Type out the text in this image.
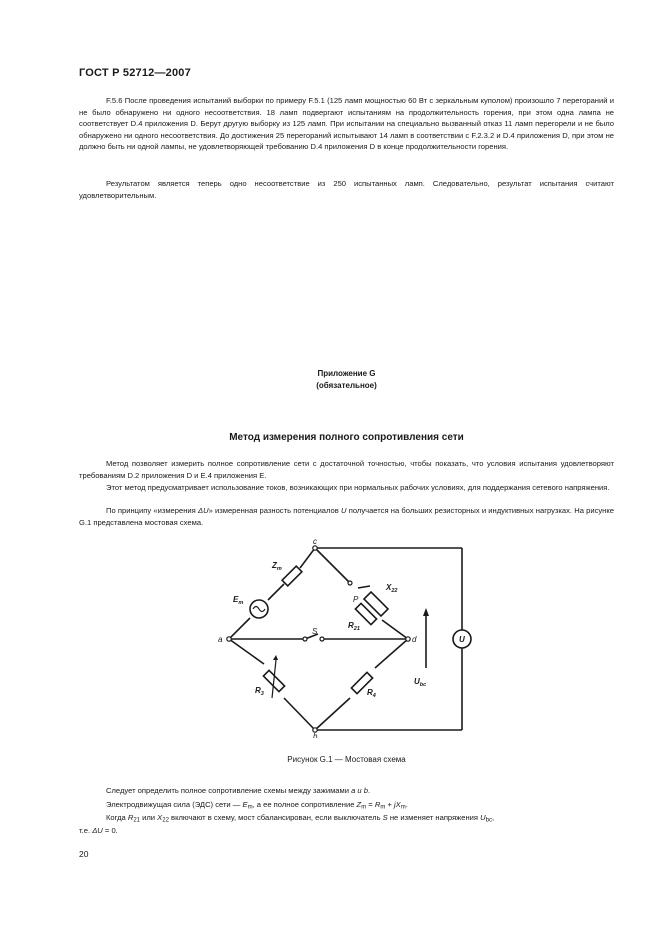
ГОСТ Р 52712—2007

F.5.6 После проведения испытаний выборки по примеру F.5.1 (125 ламп мощностью 60 Вт с зеркальным куполом) произошло 7 перегораний и не было обнаружено ни одного несоответствия. 18 ламп подвергают испытаниям на продолжительность горения, при этом одна лампа не соответствует D.4 приложения D. Берут другую выборку из 125 ламп. При испытании на специально вызванный отказ 11 ламп перегорели и не было обнаружено ни одного несоответствия. До достижения 25 перегораний испытывают 14 ламп в соответствии с F.2.3.2 и D.4 приложения D, при этом не должно быть ни одной лампы, не удовлетворяющей требованию D.4 приложения D в конце продолжительности горения.

Результатом является теперь одно несоответствие из 250 испытанных ламп. Следовательно, результат испытания считают удовлетворительным.

Приложение G
(обязательное)
Метод измерения полного сопротивления сети

Метод позволяет измерить полное сопротивление сети с достаточной точностью, чтобы показать, что условия испытания удовлетворяют требованиям D.2 приложения D и E.4 приложения E.

Этот метод предусматривает использование токов, возникающих при нормальных рабочих условиях, для поддержания сетевого напряжения.

По принципу «измерения ΔU» измеренная разность потенциалов U получается на больших резисторных и индуктивных нагрузках. На рисунке G.1 представлена мостовая схема.

c
a	d
b
$Z_m$
$E_m$
$X_{22}$
$R_{21}$
$R_3$	$R_4$
S
P
U
$U_{bc}$
Рисунок G.1 — Мостовая схема
Следует определить полное сопротивление схемы между зажимами a и b.
Электродвижущая сила (ЭДС) сети — $E_m$, а ее полное сопротивление $Z_m = R_m + jX_m$.
Когда $R_{21}$ или $X_{22}$ включают в схему, мост сбалансирован, если выключатель S не изменяет напряжения $U_{bc}$,
т.е. ΔU = 0.
20
